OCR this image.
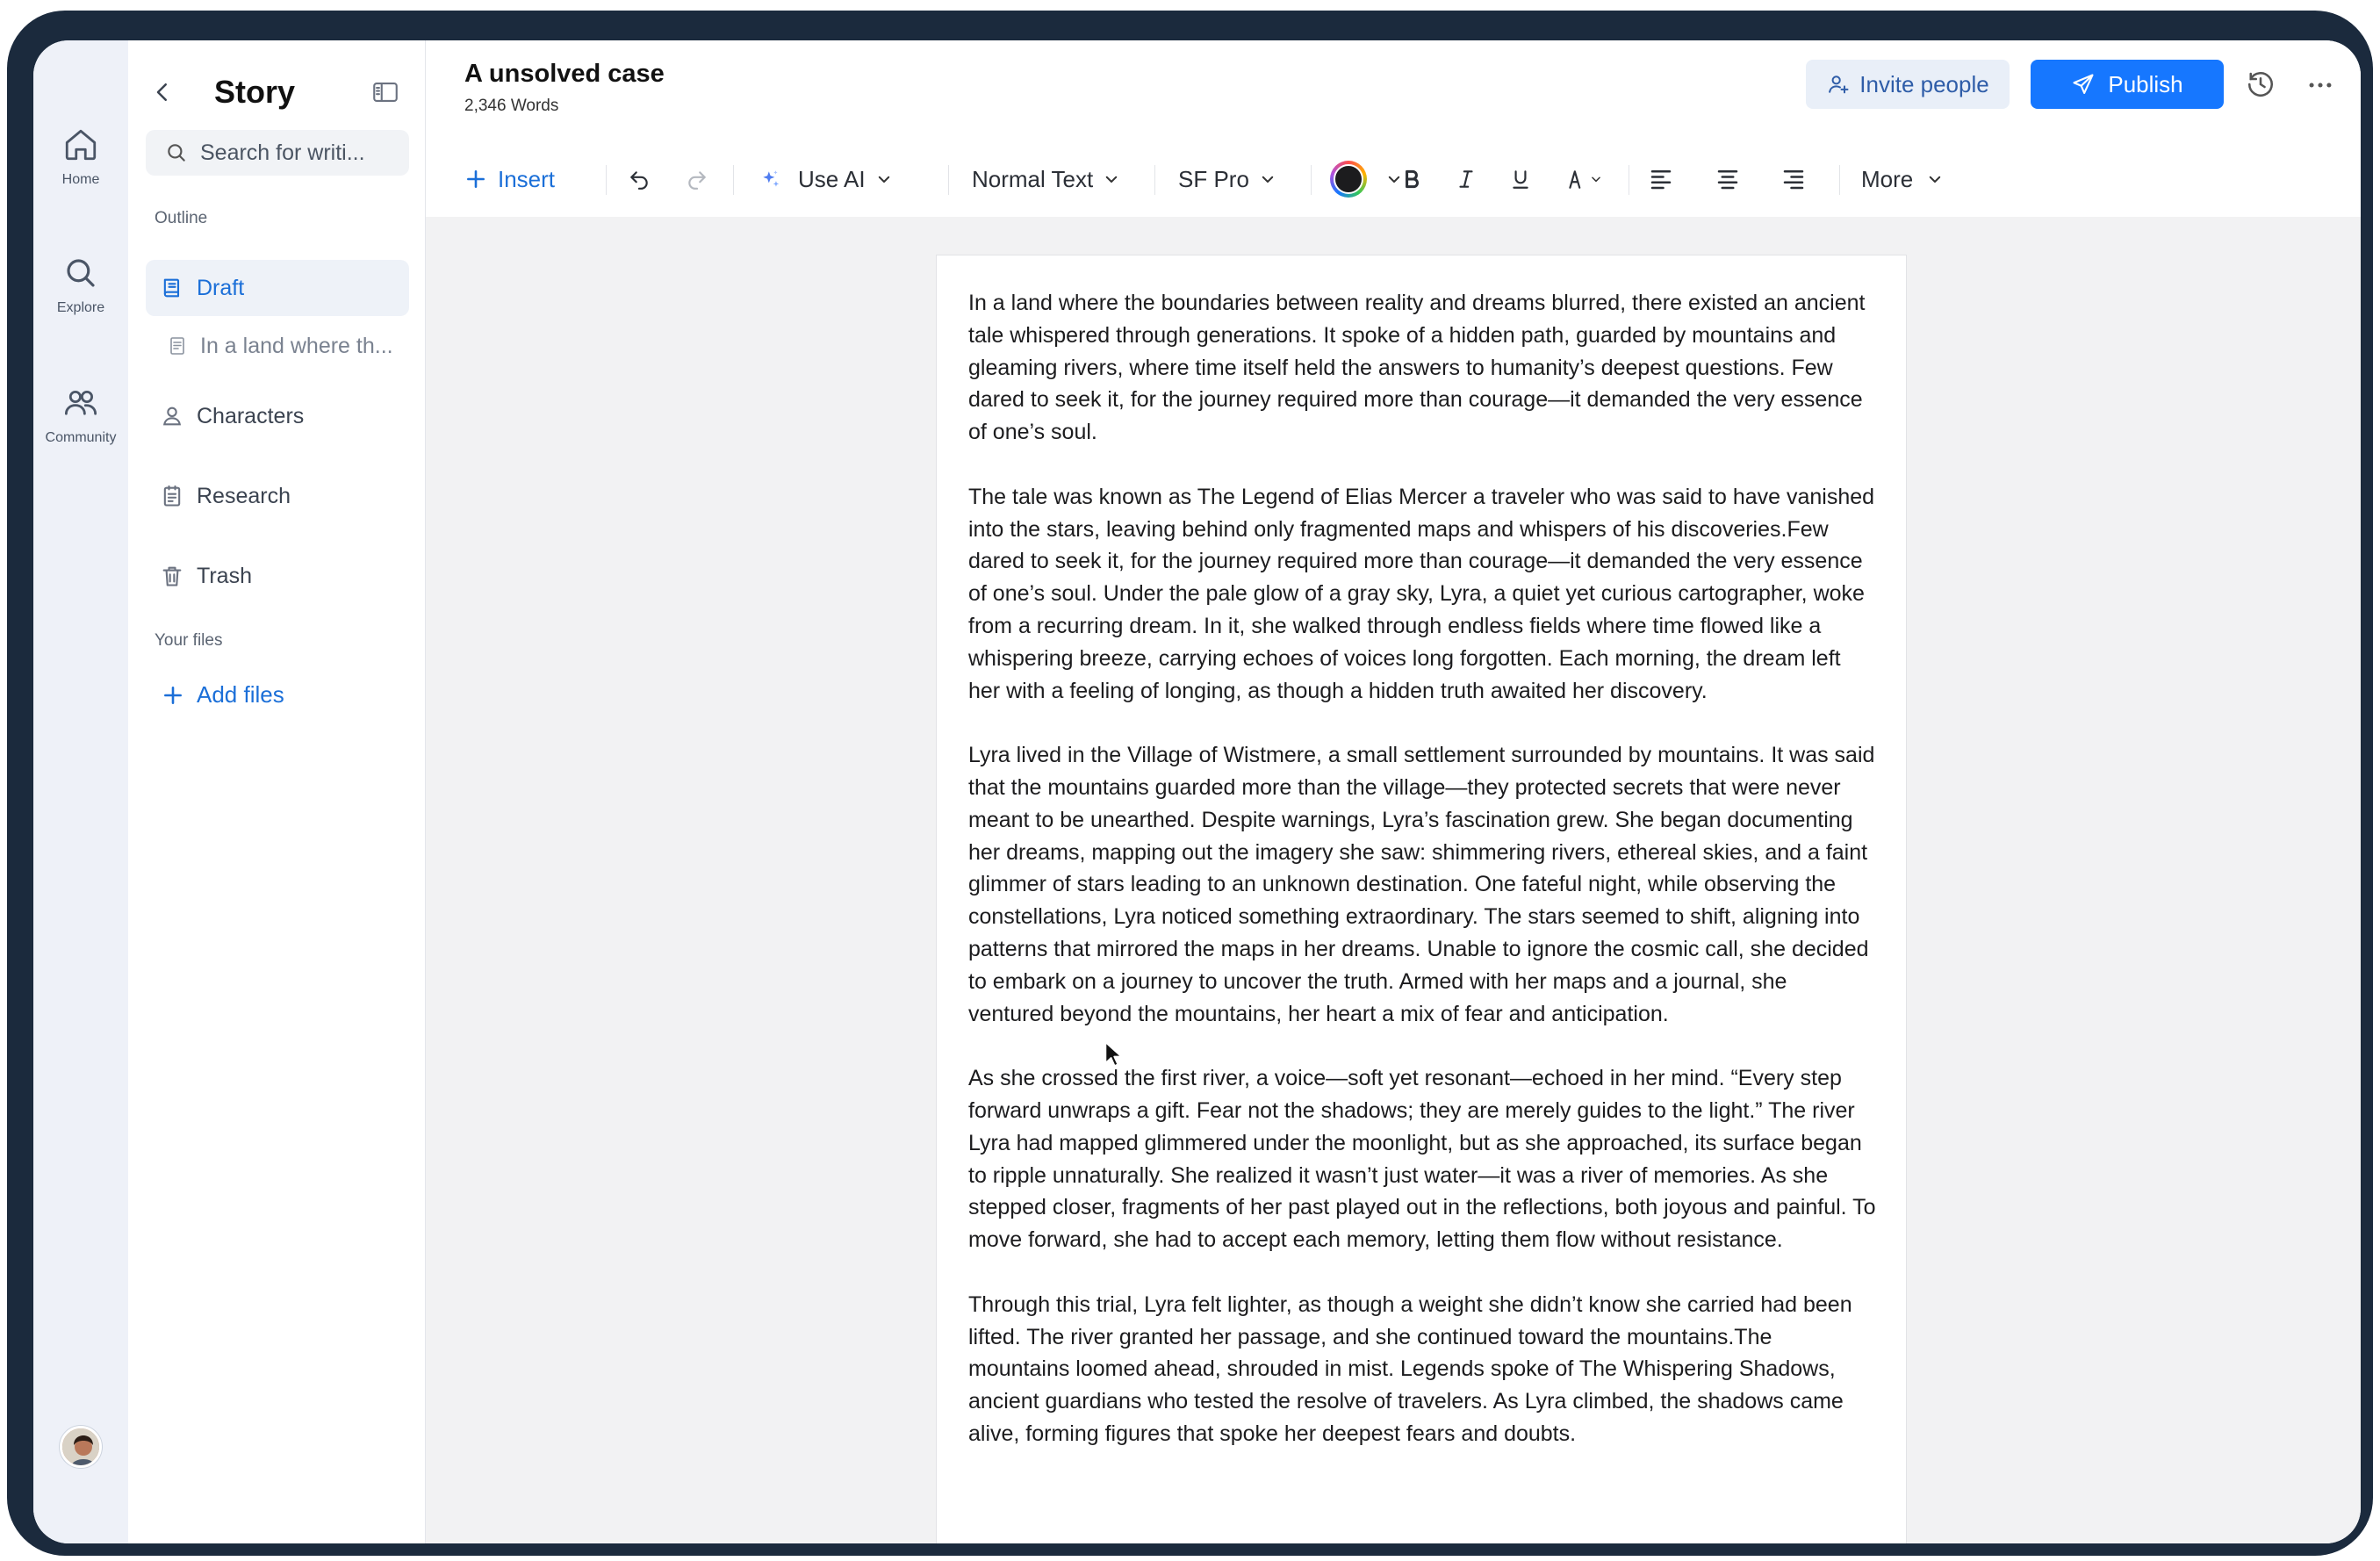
Home
Explore
Community
Story
Search for writi...
Outline
Draft
In a land where th...
Characters
Research
Trash
Your files
Add files
A unsolved case
2,346 Words
Invite people	Publish
Insert	Use AI	Normal Text	SF Pro	More

In a land where the boundaries between reality and dreams blurred, there existed an ancient tale whispered through generations. It spoke of a hidden path, guarded by mountains and gleaming rivers, where time itself held the answers to humanity’s deepest questions. Few dared to seek it, for the journey required more than courage—it demanded the very essence of one’s soul.

The tale was known as The Legend of Elias Mercer a traveler who was said to have vanished into the stars, leaving behind only fragmented maps and whispers of his discoveries.Few dared to seek it, for the journey required more than courage—it demanded the very essence of one’s soul. Under the pale glow of a gray sky, Lyra, a quiet yet curious cartographer, woke from a recurring dream. In it, she walked through endless fields where time flowed like a whispering breeze, carrying echoes of voices long forgotten. Each morning, the dream left her with a feeling of longing, as though a hidden truth awaited her discovery.

Lyra lived in the Village of Wistmere, a small settlement surrounded by mountains. It was said that the mountains guarded more than the village—they protected secrets that were never meant to be unearthed. Despite warnings, Lyra’s fascination grew. She began documenting her dreams, mapping out the imagery she saw: shimmering rivers, ethereal skies, and a faint glimmer of stars leading to an unknown destination. One fateful night, while observing the constellations, Lyra noticed something extraordinary. The stars seemed to shift, aligning into patterns that mirrored the maps in her dreams. Unable to ignore the cosmic call, she decided to embark on a journey to uncover the truth. Armed with her maps and a journal, she ventured beyond the mountains, her heart a mix of fear and anticipation.

As she crossed the first river, a voice—soft yet resonant—echoed in her mind. “Every step forward unwraps a gift. Fear not the shadows; they are merely guides to the light.” The river Lyra had mapped glimmered under the moonlight, but as she approached, its surface began to ripple unnaturally. She realized it wasn’t just water—it was a river of memories. As she stepped closer, fragments of her past played out in the reflections, both joyous and painful. To move forward, she had to accept each memory, letting them flow without resistance.

Through this trial, Lyra felt lighter, as though a weight she didn’t know she carried had been lifted. The river granted her passage, and she continued toward the mountains.The mountains loomed ahead, shrouded in mist. Legends spoke of The Whispering Shadows, ancient guardians who tested the resolve of travelers. As Lyra climbed, the shadows came alive, forming figures that spoke her deepest fears and doubts.
